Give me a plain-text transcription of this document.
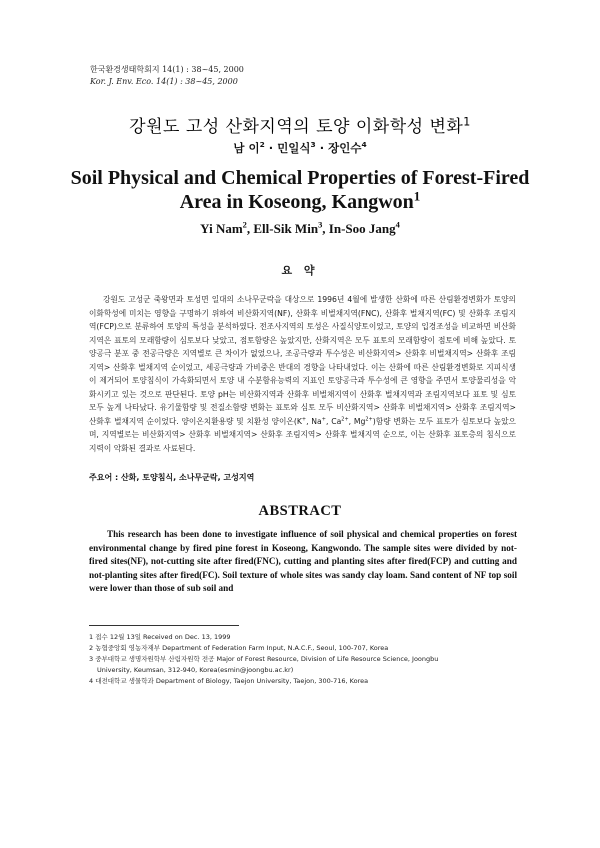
한국환경생태학회지 14(1) : 38~45, 2000
Kor. J. Env. Eco. 14(1) : 38~45, 2000
강원도 고성 산화지역의 토양 이화학성 변화$^1$
남 이$^2$ · 민일식$^3$ · 장인수$^4$
Soil Physical and Chemical Properties of Forest-Fired
Area in Koseong, Kangwon$^1$
Yi Nam$^2$, Ell-Sik Min$^3$, In-Soo Jang$^4$
요 약

강원도 고성군 죽왕면과 토성면 일대의 소나무군락을 대상으로 1996년 4월에 발생한 산화에 따른 산림환경변화가 토양의 이화학성에 미치는 영향을 구명하기 위하여 비산화지역(NF), 산화후 비벌채지역(FNC), 산화후 벌채지역(FC) 및 산화후 조림지역(FCP)으로 분류하여 토양의 특성을 분석하였다. 전조사지역의 토성은 사질식양토이었고, 토양의 입경조성을 비교하면 비산화지역은 표토의 모래함량이 심토보다 낮았고, 점토함량은 높았지만, 산화지역은 모두 표토의 모래함량이 점토에 비해 높았다. 토양공극 분포 중 전공극량은 지역별로 큰 차이가 없었으나, 조공극량과 투수성은 비산화지역> 산화후 비벌채지역> 산화후 조림지역> 산화후 벌채지역 순이었고, 세공극량과 가비중은 반대의 경향을 나타내었다. 이는 산화에 따른 산림환경변화로 지피식생이 제거되어 토양침식이 가속화되면서 토양 내 수분함유능력의 지표인 토양공극과 투수성에 큰 영향을 주면서 토양물리성을 악화시키고 있는 것으로 판단된다. 토양 pH는 비산화지역과 산화후 비벌채지역이 산화후 벌채지역과 조림지역보다 표토 및 심토 모두 높게 나타났다. 유기물함량 및 전질소함량 변화는 표토와 심토 모두 비산화지역> 산화후 비벌채지역> 산화후 조림지역> 산화후 벌채지역 순이었다. 양이온치환용량 및 치환성 양이온(K+, Na+, $Ca^{2+}$, $Mg^{2+}$)함량 변화는 모두 표토가 심토보다 높았으며, 지역별로는 비산화지역> 산화후 비벌채지역> 산화후 조림지역> 산화후 벌채지역 순으로, 이는 산화후 표토층의 침식으로 지력이 악화된 결과로 사료된다.

주요어 : 산화, 토양침식, 소나무군락, 고성지역
ABSTRACT

This research has been done to investigate influence of soil physical and chemical properties on forest environmental change by fired pine forest in Koseong, Kangwondo. The sample sites were divided by not-fired sites(NF), not-cutting site after fired(FNC), cutting and planting sites after fired(FCP) and cutting and not-planting sites after fired(FC). Soil texture of whole sites was sandy clay loam. Sand content of NF top soil were lower than those of sub soil and

1 접수 12월 13일 Received on Dec. 13, 1999
2 농협중앙회 영농자재부 Department of Federation Farm Input, N.A.C.F., Seoul, 100-707, Korea
3 중부대학교 생명자원학부 산림자원학 전공 Major of Forest Resource, Division of Life Resource Science, Joongbu
University, Keumsan, 312-940, Korea(esmin@joongbu.ac.kr)
4 대전대학교 생물학과 Department of Biology, Taejon University, Taejon, 300-716, Korea
